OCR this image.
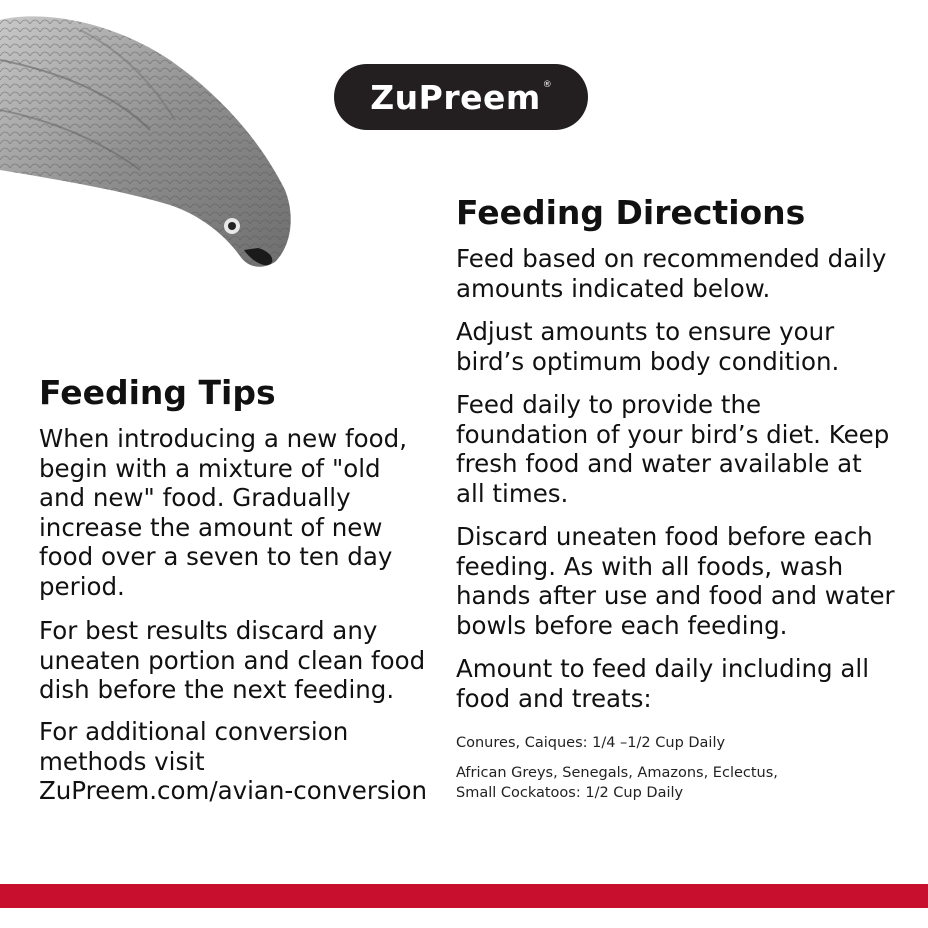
ZuPreem ®
Feeding Directions

Feed based on recommended daily amounts indicated below.

Adjust amounts to ensure your bird’s optimum body condition.

Feed daily to provide the foundation of your bird’s diet. Keep fresh food and water available at all times.

Discard uneaten food before each feeding. As with all foods, wash hands after use and food and water bowls before each feeding.

Amount to feed daily including all food and treats:

Conures, Caiques: 1/4 –1/2 Cup Daily

African Greys, Senegals, Amazons, Eclectus, Small Cockatoos: 1/2 Cup Daily

Feeding Tips

When introducing a new food, begin with a mixture of "old and new" food. Gradually increase the amount of new food over a seven to ten day period.

For best results discard any uneaten portion and clean food dish before the next feeding.

For additional conversion methods visit ZuPreem.com/avian-conversion
